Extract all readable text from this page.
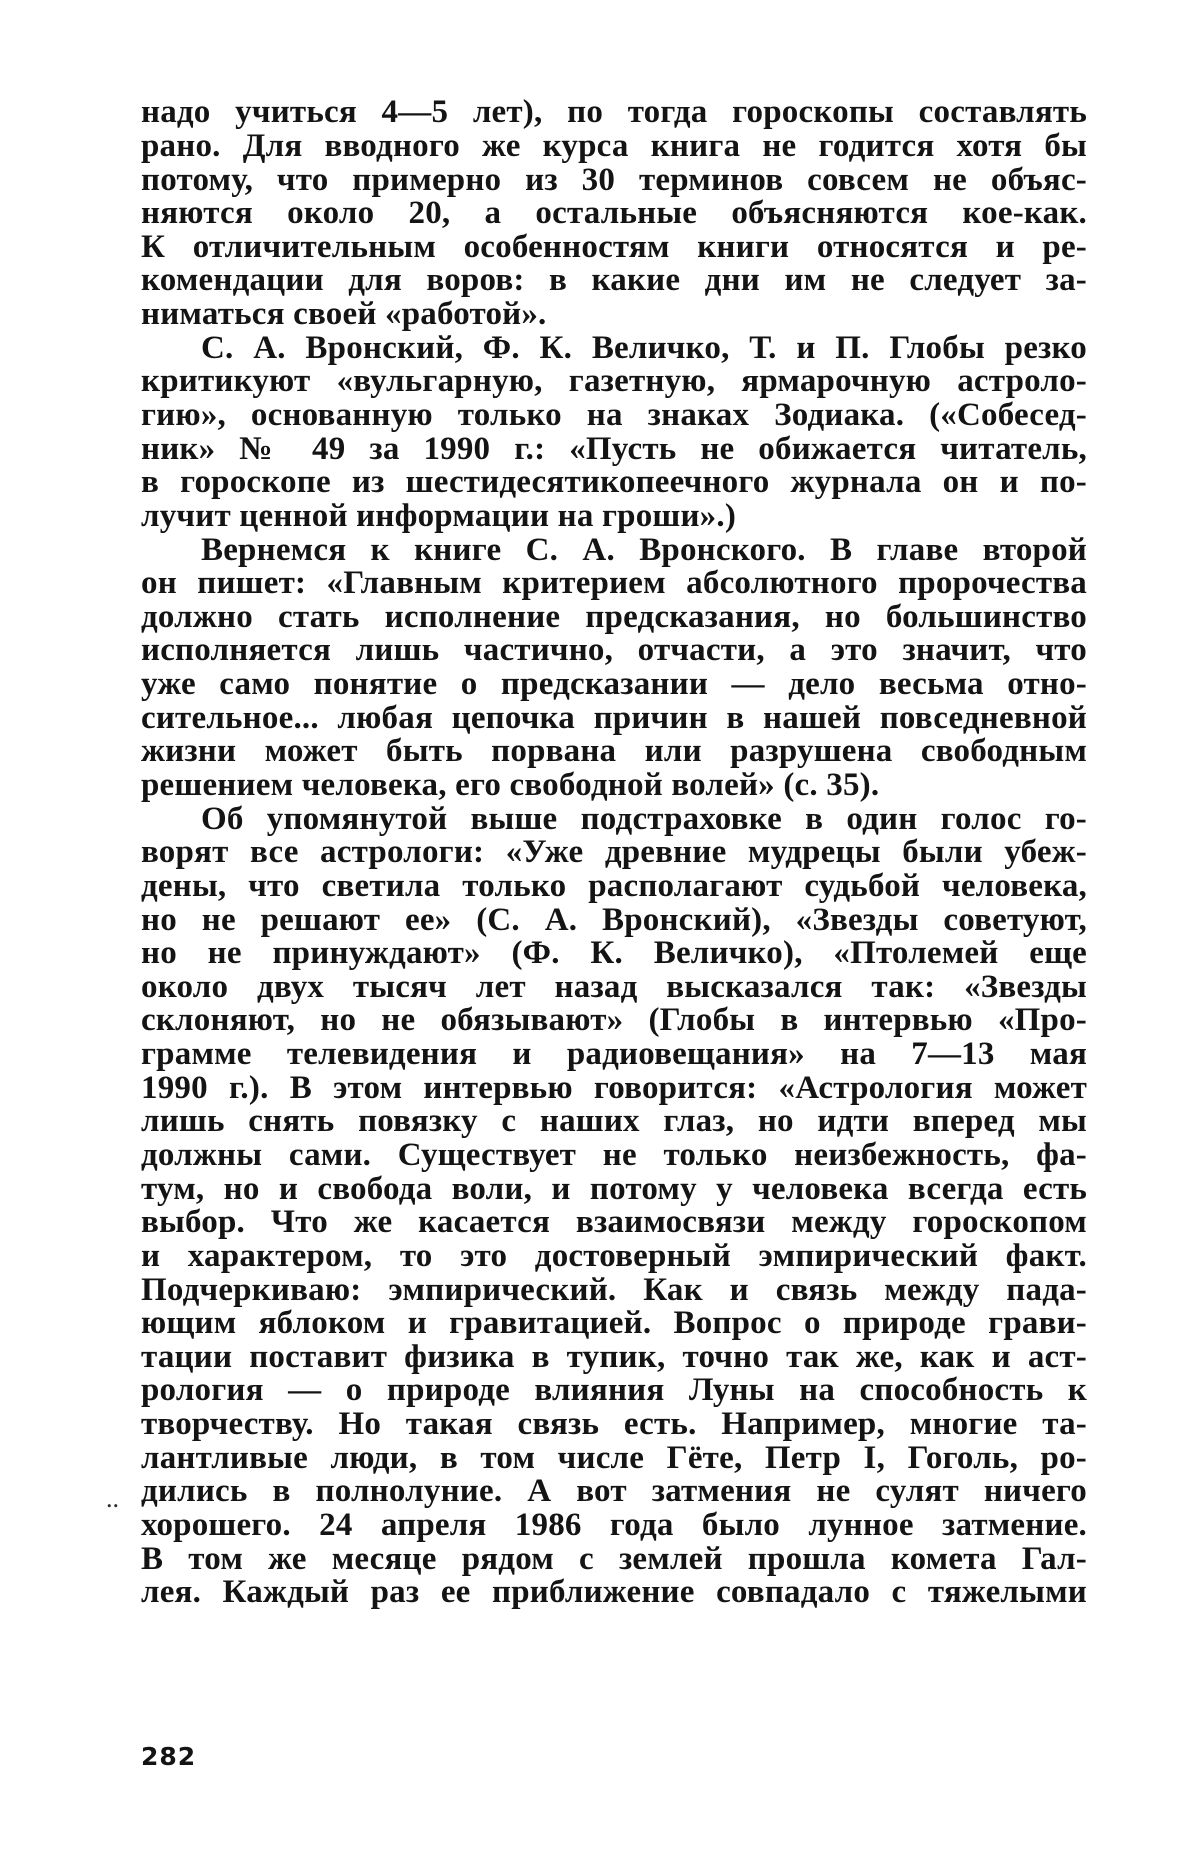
надо учиться 4—5 лет), по тогда гороскопы составлять
рано. Для вводного же курса книга не годится хотя бы
потому, что примерно из 30 терминов совсем не объяс-
няются около 20, а остальные объясняются кое-как.
К отличительным особенностям книги относятся и ре-
комендации для воров: в какие дни им не следует за-
ниматься своей «работой».
С. А. Вронский, Ф. К. Величко, Т. и П. Глобы резко
критикуют «вульгарную, газетную, ярмарочную астроло-
гию», основанную только на знаках Зодиака. («Собесед-
ник» № 49 за 1990 г.: «Пусть не обижается читатель,
в гороскопе из шестидесятикопеечного журнала он и по-
лучит ценной информации на гроши».)
Вернемся к книге С. А. Вронского. В главе второй
он пишет: «Главным критерием абсолютного пророчества
должно стать исполнение предсказания, но большинство
исполняется лишь частично, отчасти, а это значит, что
уже само понятие о предсказании — дело весьма отно-
сительное... любая цепочка причин в нашей повседневной
жизни может быть порвана или разрушена свободным
решением человека, его свободной волей» (с. 35).
Об упомянутой выше подстраховке в один голос го-
ворят все астрологи: «Уже древние мудрецы были убеж-
дены, что светила только располагают судьбой человека,
но не решают ее» (С. А. Вронский), «Звезды советуют,
но не принуждают» (Ф. К. Величко), «Птолемей еще
около двух тысяч лет назад высказался так: «Звезды
склоняют, но не обязывают» (Глобы в интервью «Про-
грамме телевидения и радиовещания» на 7—13 мая
1990 г.). В этом интервью говорится: «Астрология может
лишь снять повязку с наших глаз, но идти вперед мы
должны сами. Существует не только неизбежность, фа-
тум, но и свобода воли, и потому у человека всегда есть
выбор. Что же касается взаимосвязи между гороскопом
и характером, то это достоверный эмпирический факт.
Подчеркиваю: эмпирический. Как и связь между пада-
ющим яблоком и гравитацией. Вопрос о природе грави-
тации поставит физика в тупик, точно так же, как и аст-
рология — о природе влияния Луны на способность к
творчеству. Но такая связь есть. Например, многие та-
лантливые люди, в том числе Гёте, Петр I, Гоголь, ро-
дились в полнолуние. А вот затмения не сулят ничего
хорошего. 24 апреля 1986 года было лунное затмение.
В том же месяце рядом с землей прошла комета Гал-
лея. Каждый раз ее приближение совпадало с тяжелыми
..
282
